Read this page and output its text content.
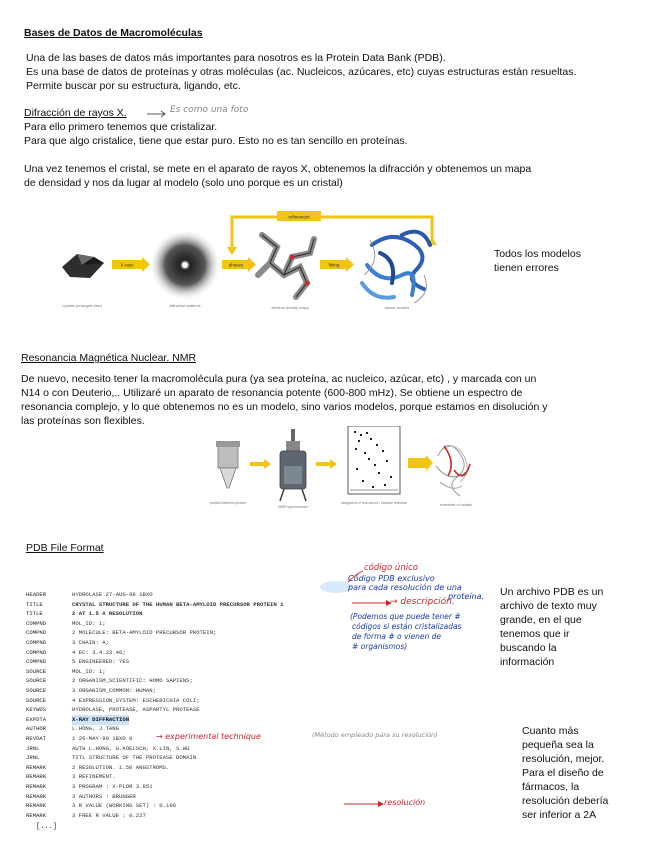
Bases de Datos de Macromoléculas
Una de las bases de datos más importantes para nosotros es la Protein Data Bank (PDB).
Es una base de datos de proteínas y otras moléculas (ac. Nucleicos, azúcares, etc) cuyas estructuras están resueltas.
Permite buscar por su estructura, ligando, etc.
Difracción de rayos X.	Es como una foto
Para ello primero tenemos que cristalizar.
Para que algo cristalice, tiene que estar puro. Esto no es tan sencillo en proteínas.
Una vez tenemos el cristal, se mete en el aparato de rayos X, obtenemos la difracción y obtenemos un mapa
de densidad y nos da lugar al modelo (solo uno porque es un cristal)
refinement
X-rays	phases	fitting
crystals (enlarged view)	diffraction patterns	electron density maps	atomic models
Todos los modelos
tienen errores
Resonancia Magnética Nuclear. NMR
De nuevo, necesito tener la macromolécula pura (ya sea proteína, ac nucleico, azúcar, etc) , y marcada con un
N14 o con Deuterio,.. Utilizaré un aparato de resonancia potente (600-800 mHz). Se obtiene un espectro de
resonancia complejo, y lo que obtenemos no es un modelo, sino varios modelos, porque estamos en disolución y
las proteínas son flexibles.
purified labeled protein
NMR spectrometer
assignment of resonances / distance restraints	ensemble of models
PDB File Format
HEADER	HYDROLASE 27-AUG-98 1BXO
TITLE	CRYSTAL STRUCTURE OF THE HUMAN BETA-AMYLOID PRECURSOR PROTEIN 1
TITLE	2 AT 1.5 A RESOLUTION
COMPND	MOL_ID: 1;
COMPND	2 MOLECULE: BETA-AMYLOID PRECURSOR PROTEIN;
COMPND	3 CHAIN: A;
COMPND	4 EC: 3.4.23.46;
COMPND	5 ENGINEERED: YES
SOURCE	MOL_ID: 1;
SOURCE	2 ORGANISM_SCIENTIFIC: HOMO SAPIENS;
SOURCE	3 ORGANISM_COMMON: HUMAN;
SOURCE	4 EXPRESSION_SYSTEM: ESCHERICHIA COLI;
KEYWDS	HYDROLASE, PROTEASE, ASPARTYL PROTEASE
EXPDTA	X-RAY DIFFRACTION
AUTHOR	L.HONG, J.TANG
REVDAT	1 26-MAY-99 1BXO 0
JRNL	AUTH L.HONG, G.KOELSCH, X.LIN, S.WU
JRNL	TITL STRUCTURE OF THE PROTEASE DOMAIN
REMARK	2 RESOLUTION. 1.50 ANGSTROMS.
REMARK	3 REFINEMENT.
REMARK	3 PROGRAM : X-PLOR 3.851
REMARK	3 AUTHORS : BRUNGER
REMARK	3 R VALUE (WORKING SET) : 0.196
REMARK	3 FREE R VALUE : 0.227
[...]
código único
Código PDB exclusivo
para cada resolución de una
proteína.
→ descripción.
(Podemos que puede tener #
códigos si están cristalizadas
de forma # o vienen de
# organismos)
→ experimental technique	(Método empleado para su resolución)
resolución
Un archivo PDB es un
archivo de texto muy
grande, en el que
tenemos que ir
buscando la
información
Cuanto más
pequeña sea la
resolución, mejor.
Para el diseño de
fármacos, la
resolución debería
ser inferior a 2A
